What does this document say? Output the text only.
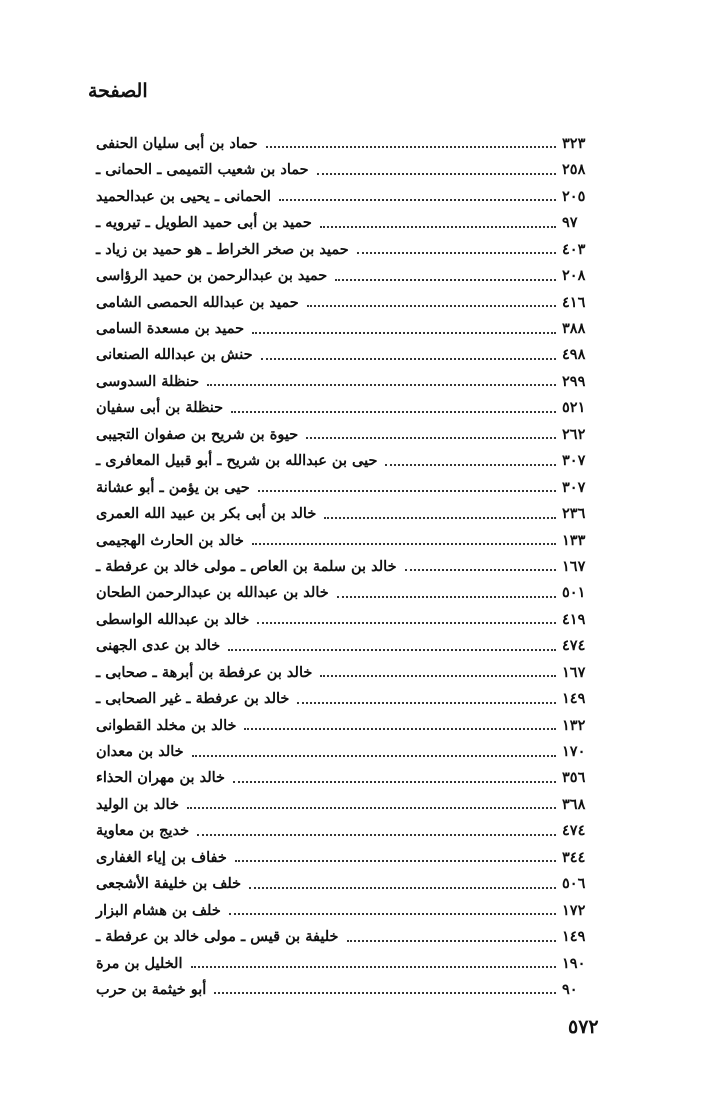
الصفحة
حماد بن أبى سليان الحنفى	٣٢٣
حماد بن شعيب التميمى ـ الحمانى ـ	٢٥٨
الحمانى ـ يحيى بن عبدالحميد	٢٠٥
حميد بن أبى حميد الطويل ـ تيرويه ـ	٩٧
حميد بن صخر الخراط ـ هو حميد بن زياد ـ	٤٠٣
حميد بن عبدالرحمن بن حميد الرؤاسى	٢٠٨
حميد بن عبدالله الحمصى الشامى	٤١٦
حميد بن مسعدة السامى	٣٨٨
حنش بن عبدالله الصنعانى	٤٩٨
حنظلة السدوسى	٢٩٩
حنظلة بن أبى سفيان	٥٢١
حيوة بن شريح بن صفوان التجيبى	٢٦٢
حيى بن عبدالله بن شريح ـ أبو قبيل المعافرى ـ	٣٠٧
حيى بن يؤمن ـ أبو عشانة	٣٠٧
خالد بن أبى بكر بن عبيد الله العمرى	٢٣٦
خالد بن الحارث الهجيمى	١٣٣
خالد بن سلمة بن العاص ـ مولى خالد بن عرفطة ـ	١٦٧
خالد بن عبدالله بن عبدالرحمن الطحان	٥٠١
خالد بن عبدالله الواسطى	٤١٩
خالد بن عدى الجهنى	٤٧٤
خالد بن عرفطة بن أبرهة ـ صحابى ـ	١٦٧
خالد بن عرفطة ـ غير الصحابى ـ	١٤٩
خالد بن مخلد القطوانى	١٣٢
خالد بن معدان	١٧٠
خالد بن مهران الحذاء	٣٥٦
خالد بن الوليد	٣٦٨
خديج بن معاوية	٤٧٤
خفاف بن إياء الغفارى	٣٤٤
خلف بن خليفة الأشجعى	٥٠٦
خلف بن هشام البزار	١٧٢
خليفة بن قيس ـ مولى خالد بن عرفطة ـ	١٤٩
الخليل بن مرة	١٩٠
أبو خيثمة بن حرب	٩٠
٥٧٢
